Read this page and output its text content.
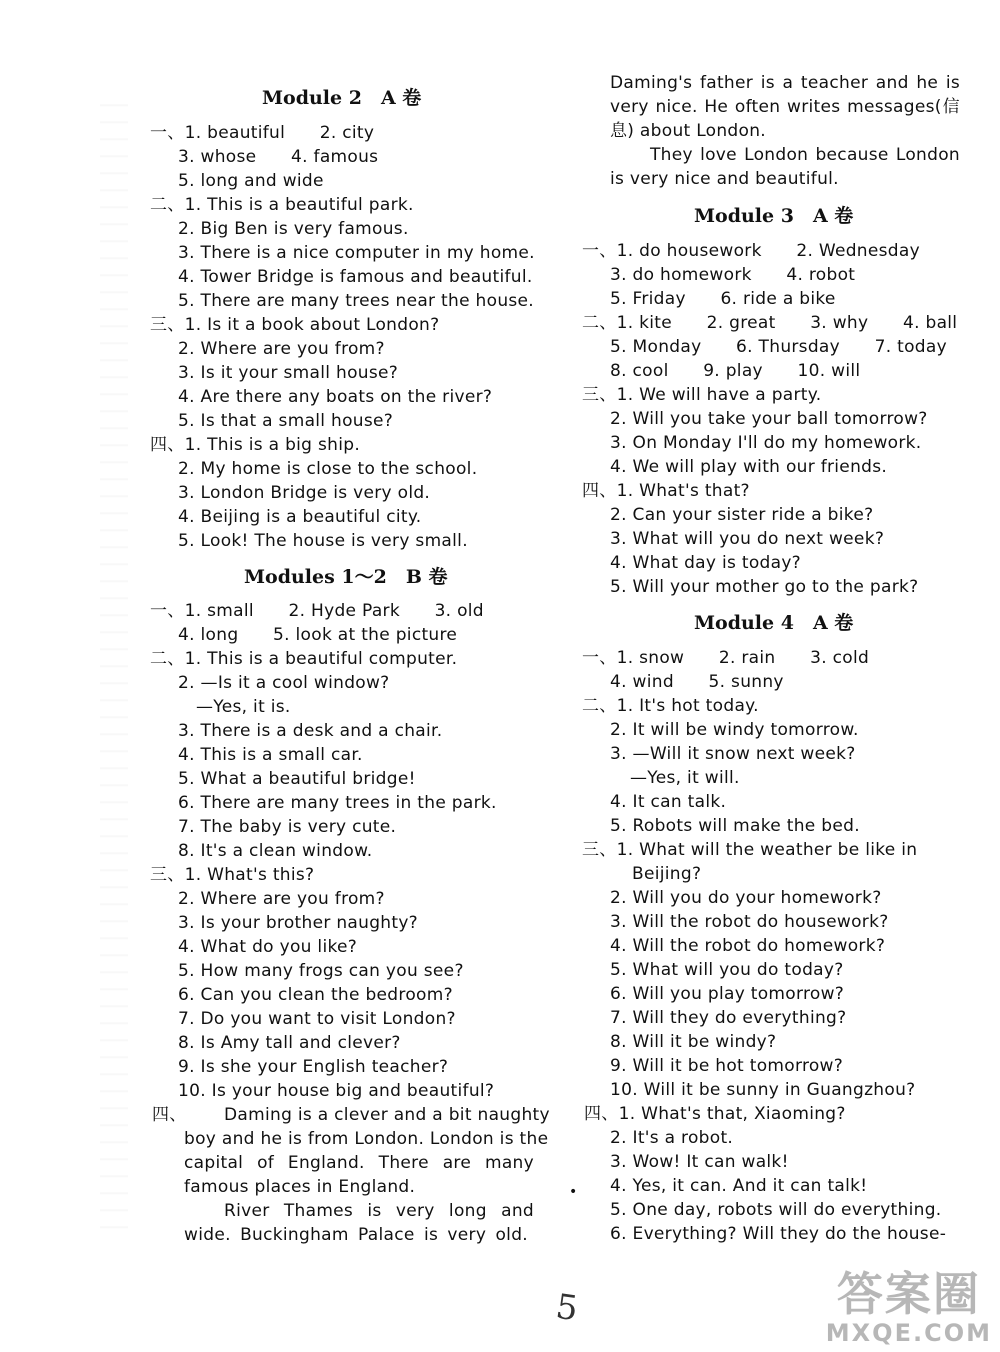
Module 2　A 卷
一、1. beautiful　　2. city
3. whose　　4. famous
5. long and wide
二、1. This is a beautiful park.
2. Big Ben is very famous.
3. There is a nice computer in my home.
4. Tower Bridge is famous and beautiful.
5. There are many trees near the house.
三、1. Is it a book about London?
2. Where are you from?
3. Is it your small house?
4. Are there any boats on the river?
5. Is that a small house?
四、1. This is a big ship.
2. My home is close to the school.
3. London Bridge is very old.
4. Beijing is a beautiful city.
5. Look! The house is very small.
Modules 1～2　B 卷
一、1. small　　2. Hyde Park　　3. old
4. long　　5. look at the picture
二、1. This is a beautiful computer.
2. —Is it a cool window?
—Yes, it is.
3. There is a desk and a chair.
4. This is a small car.
5. What a beautiful bridge!
6. There are many trees in the park.
7. The baby is very cute.
8. It's a clean window.
三、1. What's this?
2. Where are you from?
3. Is your brother naughty?
4. What do you like?
5. How many frogs can you see?
6. Can you clean the bedroom?
7. Do you want to visit London?
8. Is Amy tall and clever?
9. Is she your English teacher?
10. Is your house big and beautiful?
四、 Daming is a clever and a bit naughty
boy and he is from London. London is the
capital of England. There are many
famous places in England.
River Thames is very long and
wide. Buckingham Palace is very old.
Daming's father is a teacher and he is
very nice. He often writes messages(信
息) about London.
They love London because London
is very nice and beautiful.
Module 3　A 卷
一、1. do housework　　2. Wednesday
3. do homework　　4. robot
5. Friday　　6. ride a bike
二、1. kite　　2. great　　3. why　　4. ball
5. Monday　　6. Thursday　　7. today
8. cool　　9. play　　10. will
三、1. We will have a party.
2. Will you take your ball tomorrow?
3. On Monday I'll do my homework.
4. We will play with our friends.
四、1. What's that?
2. Can your sister ride a bike?
3. What will you do next week?
4. What day is today?
5. Will your mother go to the park?
Module 4　A 卷
一、1. snow　　2. rain　　3. cold
4. wind　　5. sunny
二、1. It's hot today.
2. It will be windy tomorrow.
3. —Will it snow next week?
—Yes, it will.
4. It can talk.
5. Robots will make the bed.
三、1. What will the weather be like in
Beijing?
2. Will you do your homework?
3. Will the robot do housework?
4. Will the robot do homework?
5. What will you do today?
6. Will you play tomorrow?
7. Will they do everything?
8. Will it be windy?
9. Will it be hot tomorrow?
10. Will it be sunny in Guangzhou?
四、1. What's that, Xiaoming?
2. It's a robot.
3. Wow! It can walk!
4. Yes, it can. And it can talk!
5. One day, robots will do everything.
6. Everything? Will they do the house-
•
5	答案圈
MXQE.COM
